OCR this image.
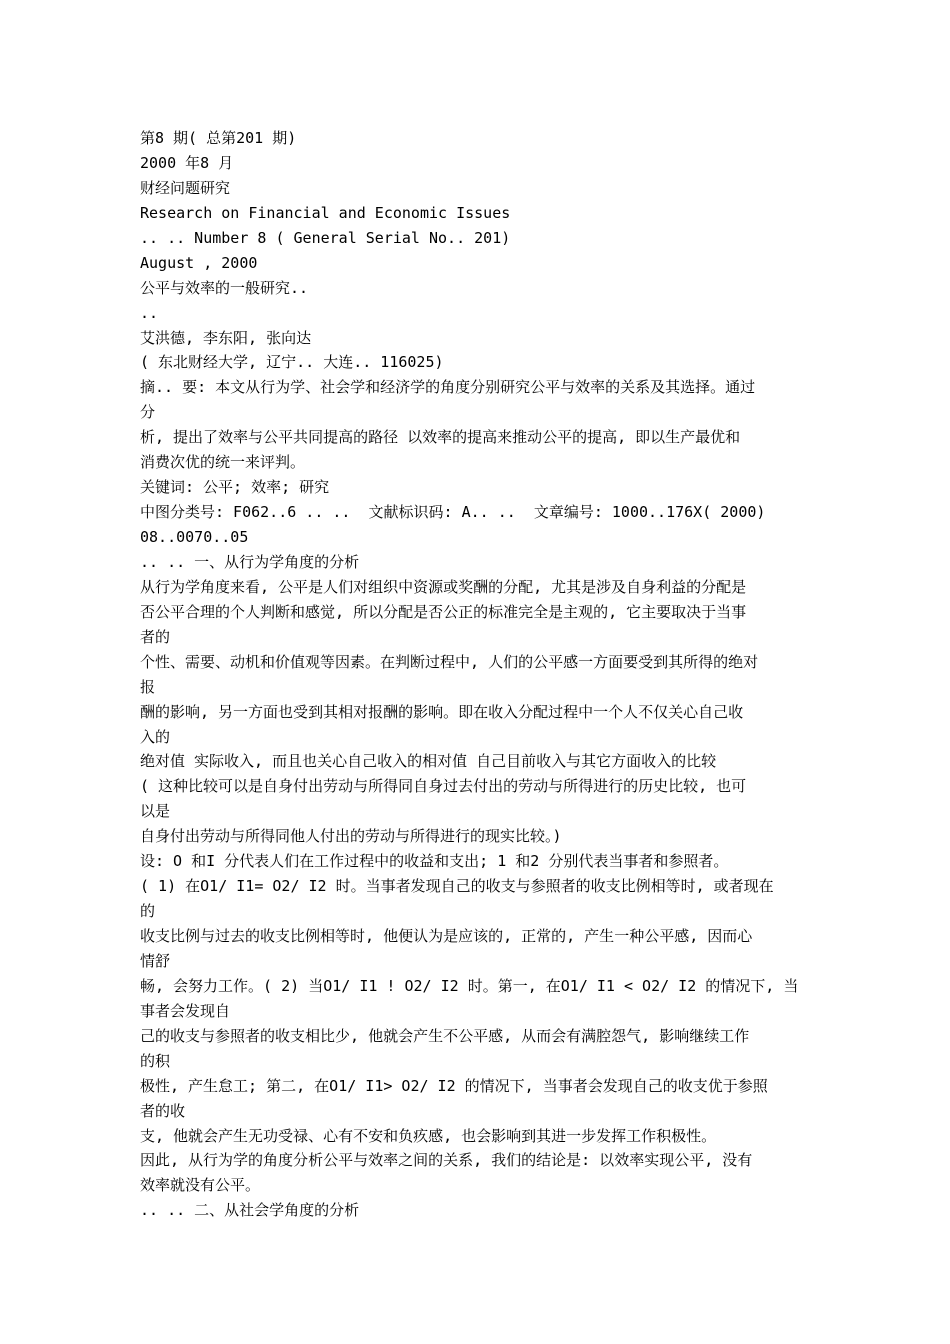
第8 期( 总第201 期)
2000 年8 月
财经问题研究
Research on Financial and Economic Issues
.. .. Number 8 ( General Serial No.. 201)
August , 2000
公平与效率的一般研究..
..
艾洪德, 李东阳, 张向达
( 东北财经大学, 辽宁.. 大连.. 116025)
摘.. 要: 本文从行为学、社会学和经济学的角度分别研究公平与效率的关系及其选择。通过
分
析, 提出了效率与公平共同提高的路径 以效率的提高来推动公平的提高, 即以生产最优和
消费次优的统一来评判。
关键词: 公平; 效率; 研究
中图分类号: F062..6 .. ..  文献标识码: A.. ..  文章编号: 1000..176X( 2000)
08..0070..05
.. .. 一、从行为学角度的分析
从行为学角度来看, 公平是人们对组织中资源或奖酬的分配, 尤其是涉及自身利益的分配是
否公平合理的个人判断和感觉, 所以分配是否公正的标准完全是主观的, 它主要取决于当事
者的
个性、需要、动机和价值观等因素。在判断过程中, 人们的公平感一方面要受到其所得的绝对
报
酬的影响, 另一方面也受到其相对报酬的影响。即在收入分配过程中一个人不仅关心自己收
入的
绝对值 实际收入, 而且也关心自己收入的相对值 自己目前收入与其它方面收入的比较
( 这种比较可以是自身付出劳动与所得同自身过去付出的劳动与所得进行的历史比较, 也可
以是
自身付出劳动与所得同他人付出的劳动与所得进行的现实比较。)
设: O 和I 分代表人们在工作过程中的收益和支出; 1 和2 分别代表当事者和参照者。
( 1) 在O1/ I1= O2/ I2 时。当事者发现自己的收支与参照者的收支比例相等时, 或者现在
的
收支比例与过去的收支比例相等时, 他便认为是应该的, 正常的, 产生一种公平感, 因而心
情舒
畅, 会努力工作。( 2) 当O1/ I1 ! O2/ I2 时。第一, 在O1/ I1 < O2/ I2 的情况下, 当
事者会发现自
己的收支与参照者的收支相比少, 他就会产生不公平感, 从而会有满腔怨气, 影响继续工作
的积
极性, 产生怠工; 第二, 在O1/ I1> O2/ I2 的情况下, 当事者会发现自己的收支优于参照
者的收
支, 他就会产生无功受禄、心有不安和负疚感, 也会影响到其进一步发挥工作积极性。
因此, 从行为学的角度分析公平与效率之间的关系, 我们的结论是: 以效率实现公平, 没有
效率就没有公平。
.. .. 二、从社会学角度的分析
